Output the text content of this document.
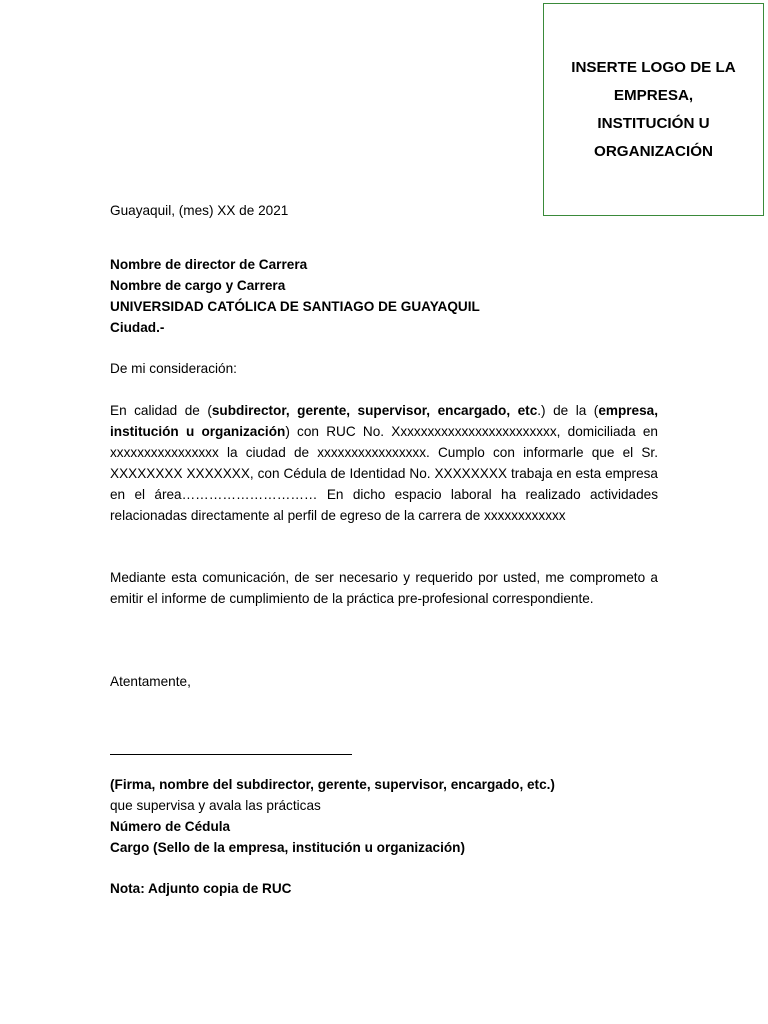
INSERTE LOGO DE LA EMPRESA, INSTITUCIÓN U ORGANIZACIÓN
Guayaquil, (mes) XX de 2021
Nombre de director de Carrera
Nombre de cargo y Carrera
UNIVERSIDAD CATÓLICA DE SANTIAGO DE GUAYAQUIL
Ciudad.-
De mi consideración:

En calidad de (subdirector, gerente, supervisor, encargado, etc.) de la (empresa, institución u organización) con RUC No. Xxxxxxxxxxxxxxxxxxxxxxxx, domiciliada en xxxxxxxxxxxxxxxx la ciudad de xxxxxxxxxxxxxxxx. Cumplo con informarle que el Sr. XXXXXXXX XXXXXXX, con Cédula de Identidad No. XXXXXXXX trabaja en esta empresa en el área………………………… En dicho espacio laboral ha realizado actividades relacionadas directamente al perfil de egreso de la carrera de xxxxxxxxxxxx

Mediante esta comunicación, de ser necesario y requerido por usted, me comprometo a emitir el informe de cumplimiento de la práctica pre-profesional correspondiente.

Atentamente,
(Firma, nombre del subdirector, gerente, supervisor, encargado, etc.)
que supervisa y avala las prácticas
Número de Cédula
Cargo (Sello de la empresa, institución u organización)
Nota: Adjunto copia de RUC
